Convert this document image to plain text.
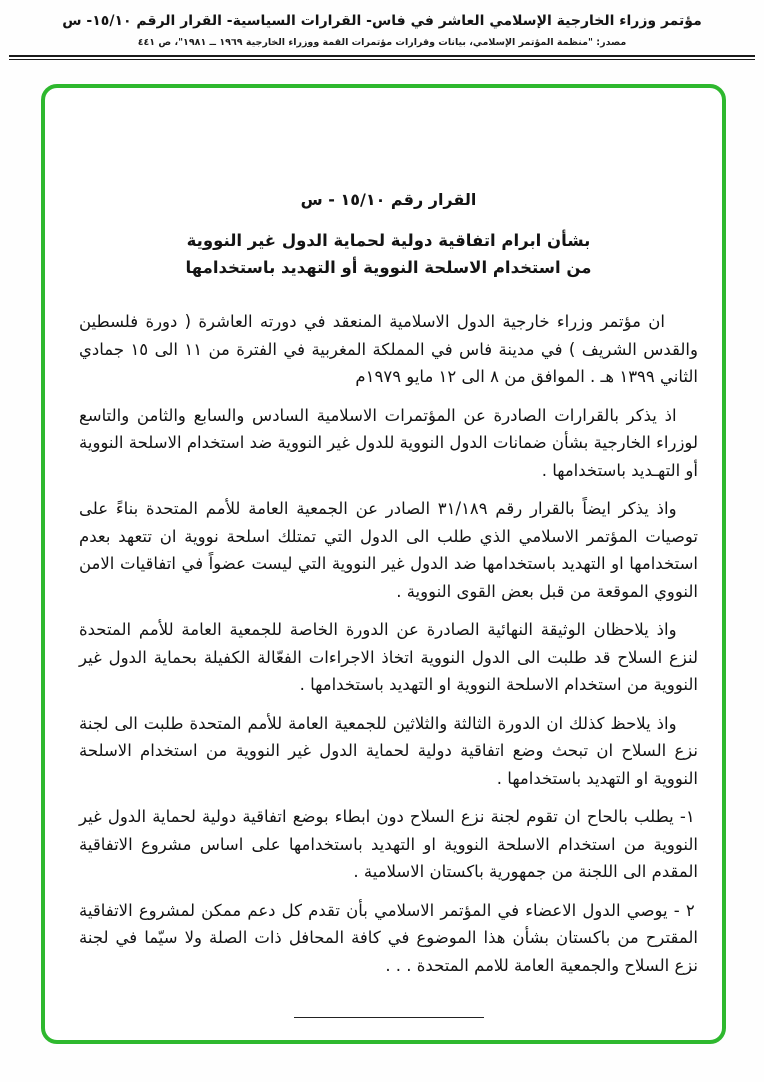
مؤتمر وزراء الخارجية الإسلامي العاشر في فاس- القرارات السياسية- القرار الرقم ١٥/١٠- س
مصدر: "منظمة المؤتمر الإسلامي، بيانات وقرارات مؤتمرات القمة ووزراء الخارجية ١٩٦٩ ــ ١٩٨١"، ص ٤٤١
القرار رقم ١٥/١٠ - س
بشأن ابرام اتفاقية دولية لحماية الدول غير النووية
من استخدام الاسلحة النووية أو التهديد باستخدامها

ان مؤتمر وزراء خارجية الدول الاسلامية المنعقد في دورته العاشرة ( دورة فلسطين والقدس الشريف ) في مدينة فاس في المملكة المغربية في الفترة من ١١ الى ١٥ جمادي الثاني ١٣٩٩ هـ . الموافق من ٨ الى ١٢ مايو ١٩٧٩م

اذ يذكر بالقرارات الصادرة عن المؤتمرات الاسلامية السادس والسابع والثامن والتاسع لوزراء الخارجية بشأن ضمانات الدول النووية للدول غير النووية ضد استخدام الاسلحة النووية أو التهـديد باستخدامها .

واذ يذكر ايضاً بالقرار رقم ٣١/١٨٩ الصادر عن الجمعية العامة للأمم المتحدة بناءً على توصيات المؤتمر الاسلامي الذي طلب الى الدول التي تمتلك اسلحة نووية ان تتعهد بعدم استخدامها او التهديد باستخدامها ضد الدول غير النووية التي ليست عضواً في اتفاقيات الامن النووي الموقعة من قبل بعض القوى النووية .

واذ يلاحظان الوثيقة النهائية الصادرة عن الدورة الخاصة للجمعية العامة للأمم المتحدة لنزع السلاح قد طلبت الى الدول النووية اتخاذ الاجراءات الفعّالة الكفيلة بحماية الدول غير النووية من استخدام الاسلحة النووية او التهديد باستخدامها .

واذ يلاحظ كذلك ان الدورة الثالثة والثلاثين للجمعية العامة للأمم المتحدة طلبت الى لجنة نزع السلاح ان تبحث وضع اتفاقية دولية لحماية الدول غير النووية من استخدام الاسلحة النووية او التهديد باستخدامها .

١- يطلب بالحاح ان تقوم لجنة نزع السلاح دون ابطاء بوضع اتفاقية دولية لحماية الدول غير النووية من استخدام الاسلحة النووية او التهديد باستخدامها على اساس مشروع الاتفاقية المقدم الى اللجنة من جمهورية باكستان الاسلامية .

٢ - يوصي الدول الاعضاء في المؤتمر الاسلامي بأن تقدم كل دعم ممكن لمشروع الاتفاقية المقترح من باكستان بشأن هذا الموضوع في كافة المحافل ذات الصلة ولا سيّما في لجنة نزع السلاح والجمعية العامة للامم المتحدة . . .
